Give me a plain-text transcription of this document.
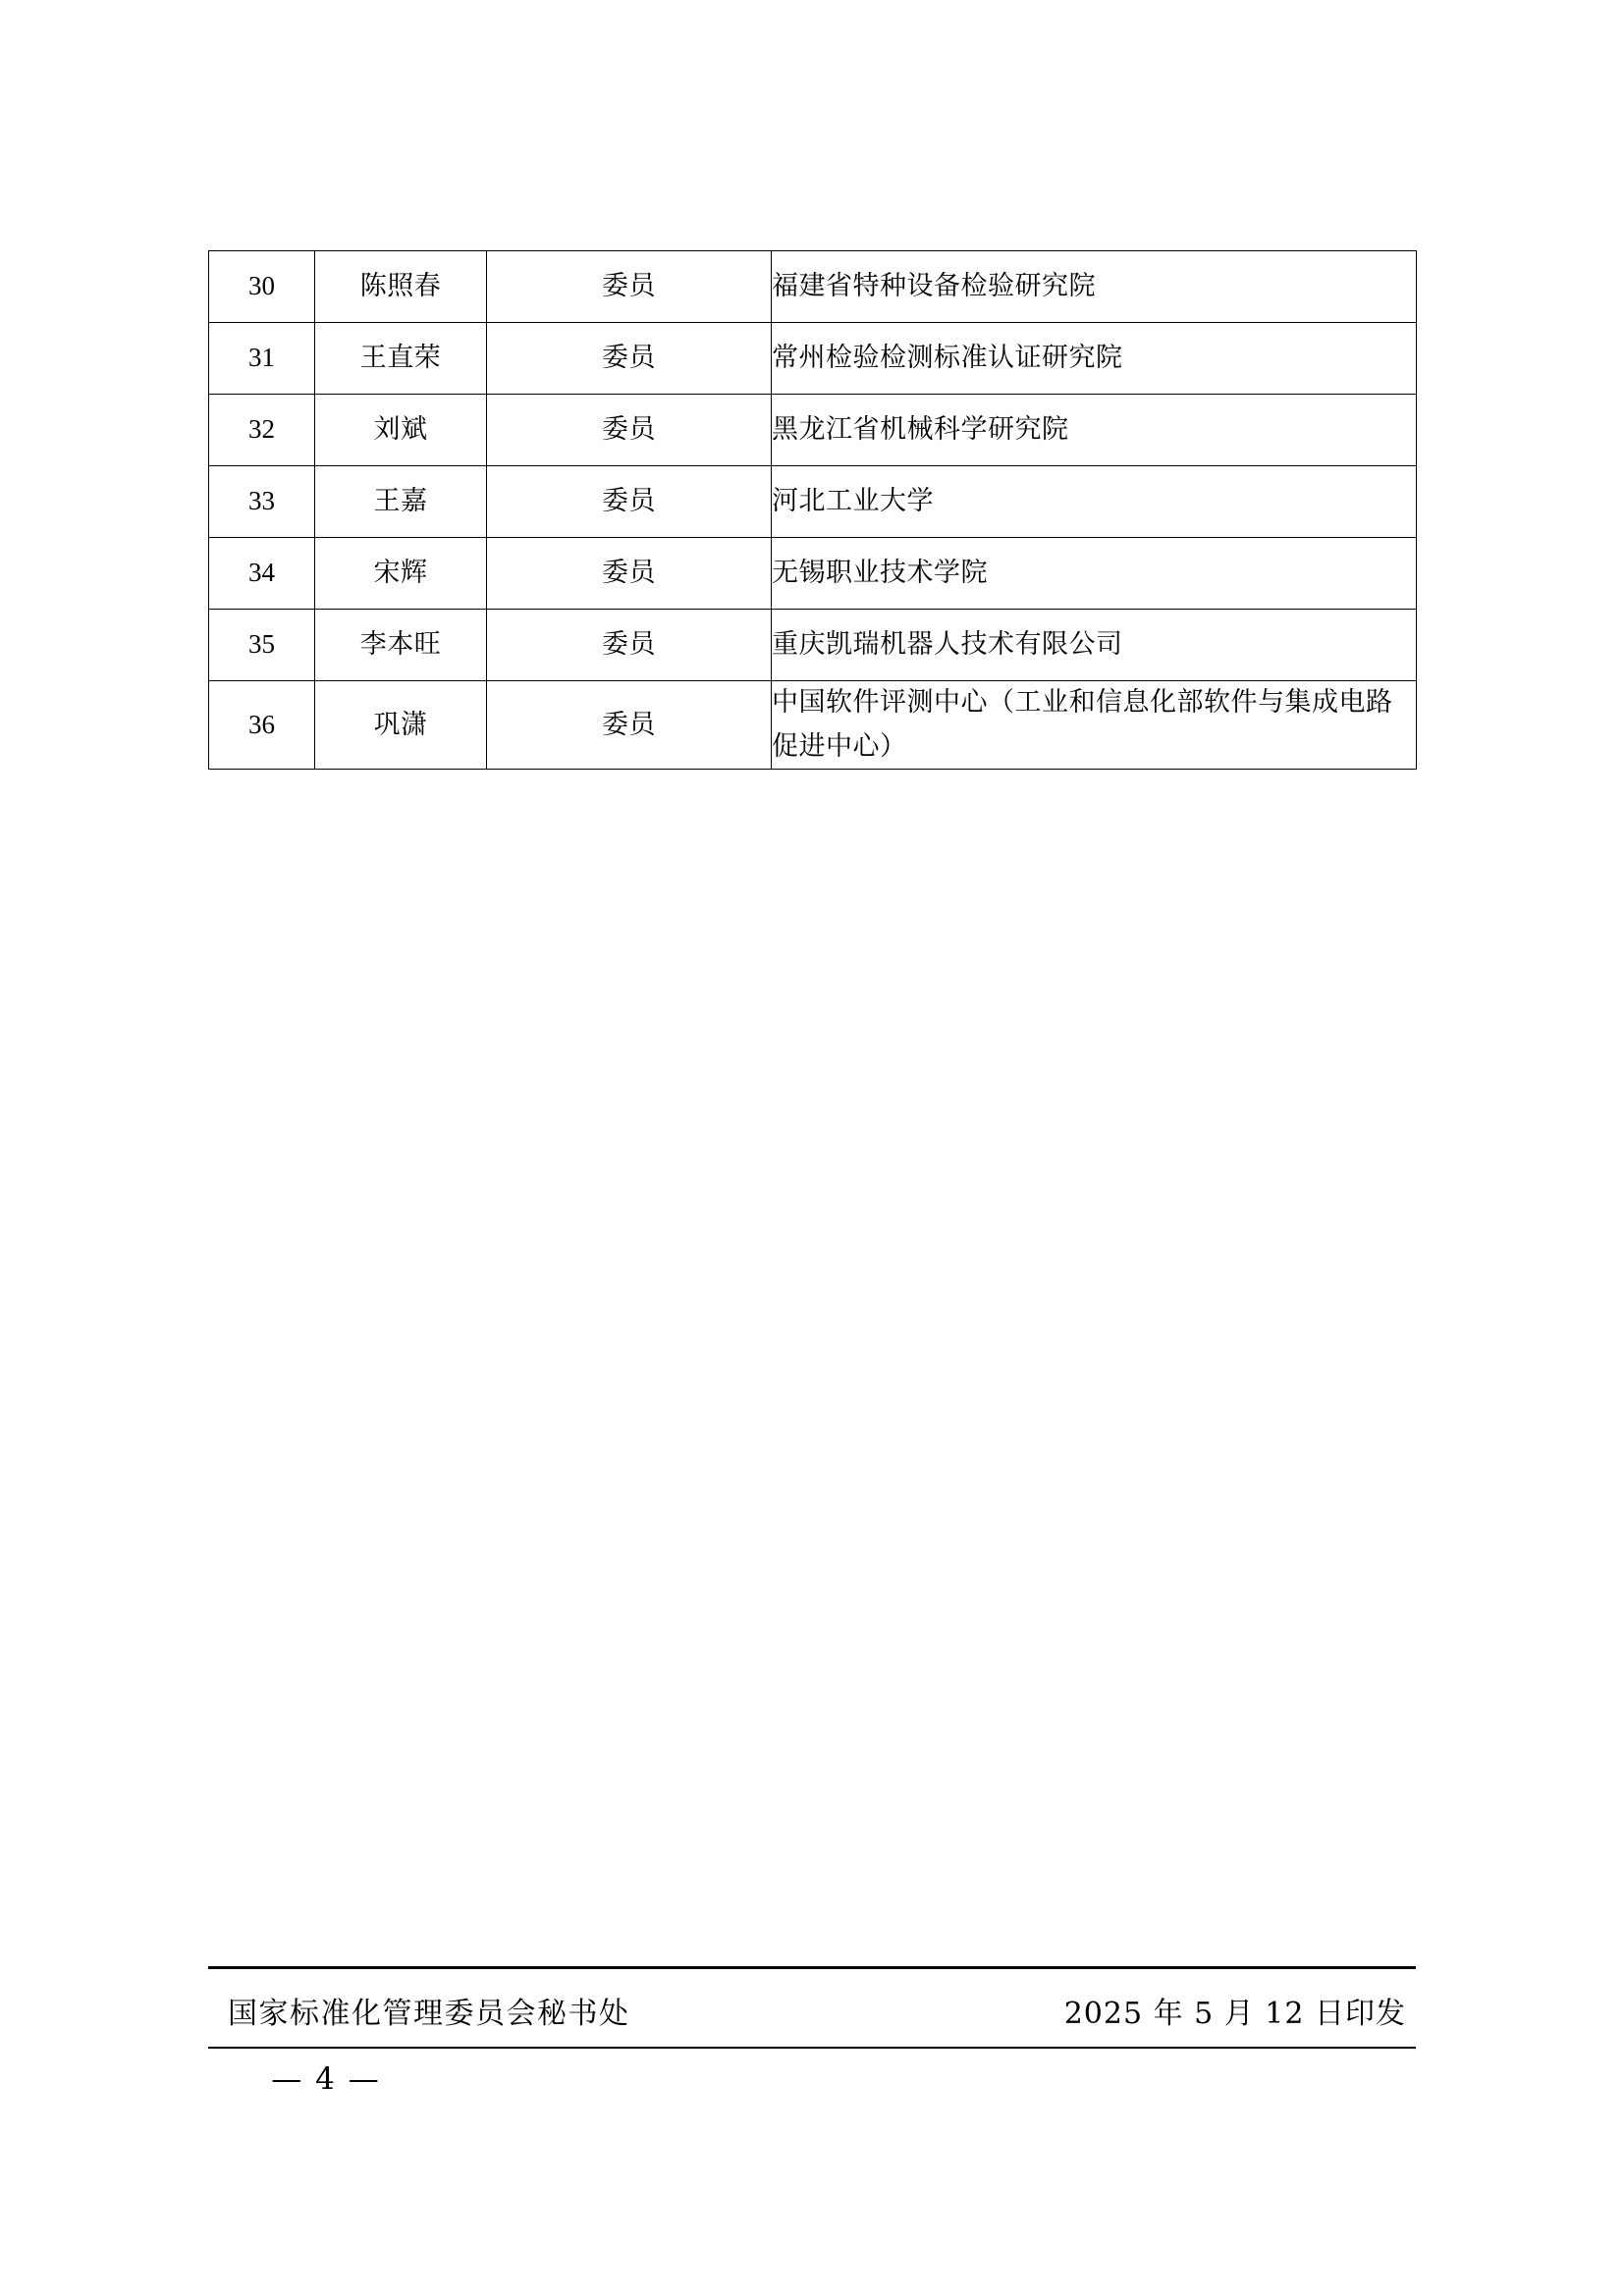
30	陈照春	委员	福建省特种设备检验研究院
31	王直荣	委员	常州检验检测标准认证研究院
32	刘斌	委员	黑龙江省机械科学研究院
33	王嘉	委员	河北工业大学
34	宋辉	委员	无锡职业技术学院
35	李本旺	委员	重庆凯瑞机器人技术有限公司
36	巩潇	委员	中国软件评测中心（工业和信息化部软件与集成电路促进中心）
国家标准化管理委员会秘书处	2025 年 5 月 12 日印发
— 4 —
